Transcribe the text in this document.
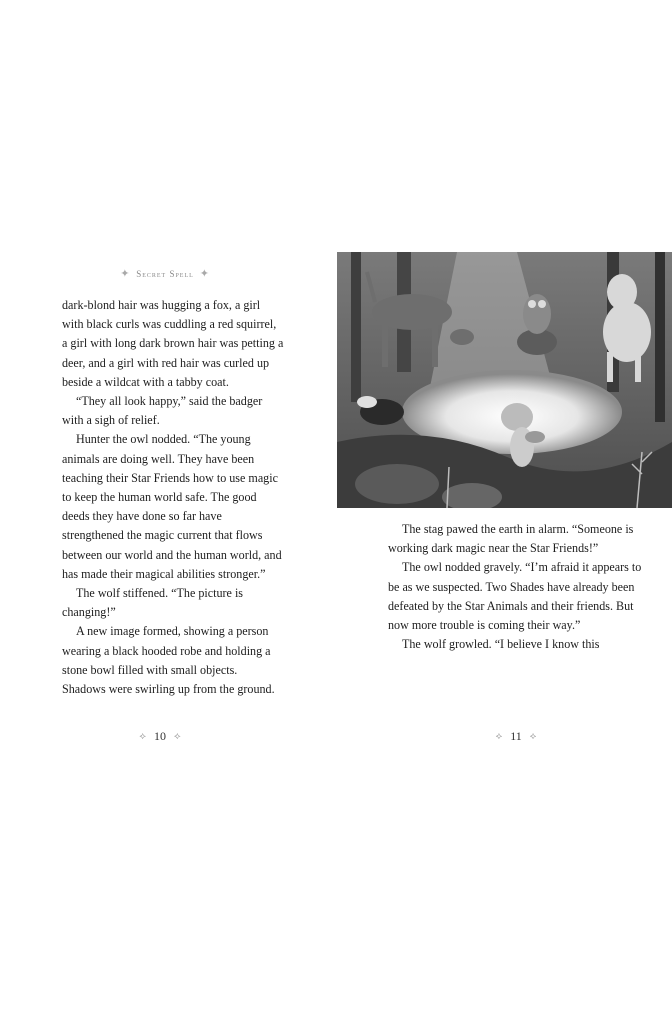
✦ Secret Spell ✦

dark-blond hair was hugging a fox, a girl with black curls was cuddling a red squirrel, a girl with long dark brown hair was petting a deer, and a girl with red hair was curled up beside a wildcat with a tabby coat.

“They all look happy,” said the badger with a sigh of relief.

Hunter the owl nodded. “The young animals are doing well. They have been teaching their Star Friends how to use magic to keep the human world safe. The good deeds they have done so far have strengthened the magic current that flows between our world and the human world, and has made their magical abilities stronger.”

The wolf stiffened. “The picture is changing!”

A new image formed, showing a person wearing a black hooded robe and holding a stone bowl filled with small objects. Shadows were swirling up from the ground.

⟡ 10 ⟡

The stag pawed the earth in alarm. “Someone is working dark magic near the Star Friends!”

The owl nodded gravely. “I’m afraid it appears to be as we suspected. Two Shades have already been defeated by the Star Animals and their friends. But now more trouble is coming their way.”

The wolf growled. “I believe I know this

⟡ 11 ⟡
